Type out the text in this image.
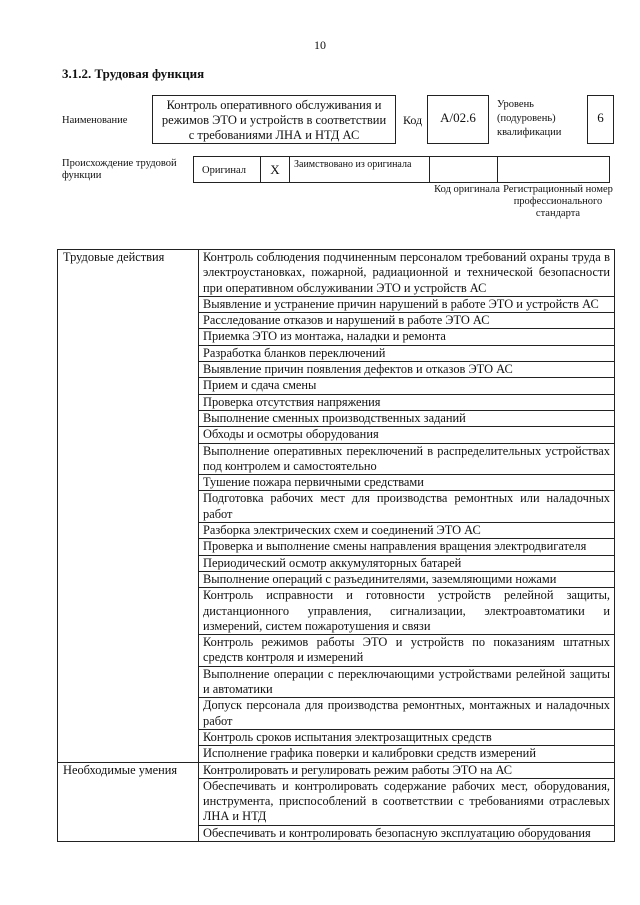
10
3.1.2. Трудовая функция
Наименование
Контроль оперативного обслуживания и режимов ЭТО и устройств в соответствии с требованиями ЛНА и НТД АС
Код	А/02.6
Уровень (подуровень) квалификации
6
Происхождение трудовой функции	Оригинал	X	Заимствовано из оригинала
Код оригинала Регистрационный номер профессионального стандарта
Трудовые действия	Контроль соблюдения подчиненным персоналом требований охраны труда в электроустановках, пожарной, радиационной и технической безопасности при оперативном обслуживании ЭТО и устройств АС
	Выявление и устранение причин нарушений в работе ЭТО и устройств АС
	Расследование отказов и нарушений в работе ЭТО АС
	Приемка ЭТО из монтажа, наладки и ремонта
	Разработка бланков переключений
	Выявление причин появления дефектов и отказов ЭТО АС
	Прием и сдача смены
	Проверка отсутствия напряжения
	Выполнение сменных производственных заданий
	Обходы и осмотры оборудования
	Выполнение оперативных переключений в распределительных устройствах под контролем и самостоятельно
	Тушение пожара первичными средствами
	Подготовка рабочих мест для производства ремонтных или наладочных работ
	Разборка электрических схем и соединений ЭТО АС
	Проверка и выполнение смены направления вращения электродвигателя
	Периодический осмотр аккумуляторных батарей
	Выполнение операций с разъединителями, заземляющими ножами
	Контроль исправности и готовности устройств релейной защиты, дистанционного управления, сигнализации, электроавтоматики и измерений, систем пожаротушения и связи
	Контроль режимов работы ЭТО и устройств по показаниям штатных средств контроля и измерений
	Выполнение операции с переключающими устройствами релейной защиты и автоматики
	Допуск персонала для производства ремонтных, монтажных и наладочных работ
	Контроль сроков испытания электрозащитных средств
	Исполнение графика поверки и калибровки средств измерений
Необходимые умения	Контролировать и регулировать режим работы ЭТО на АС
	Обеспечивать и контролировать содержание рабочих мест, оборудования, инструмента, приспособлений в соответствии с требованиями отраслевых ЛНА и НТД
	Обеспечивать и контролировать безопасную эксплуатацию оборудования
